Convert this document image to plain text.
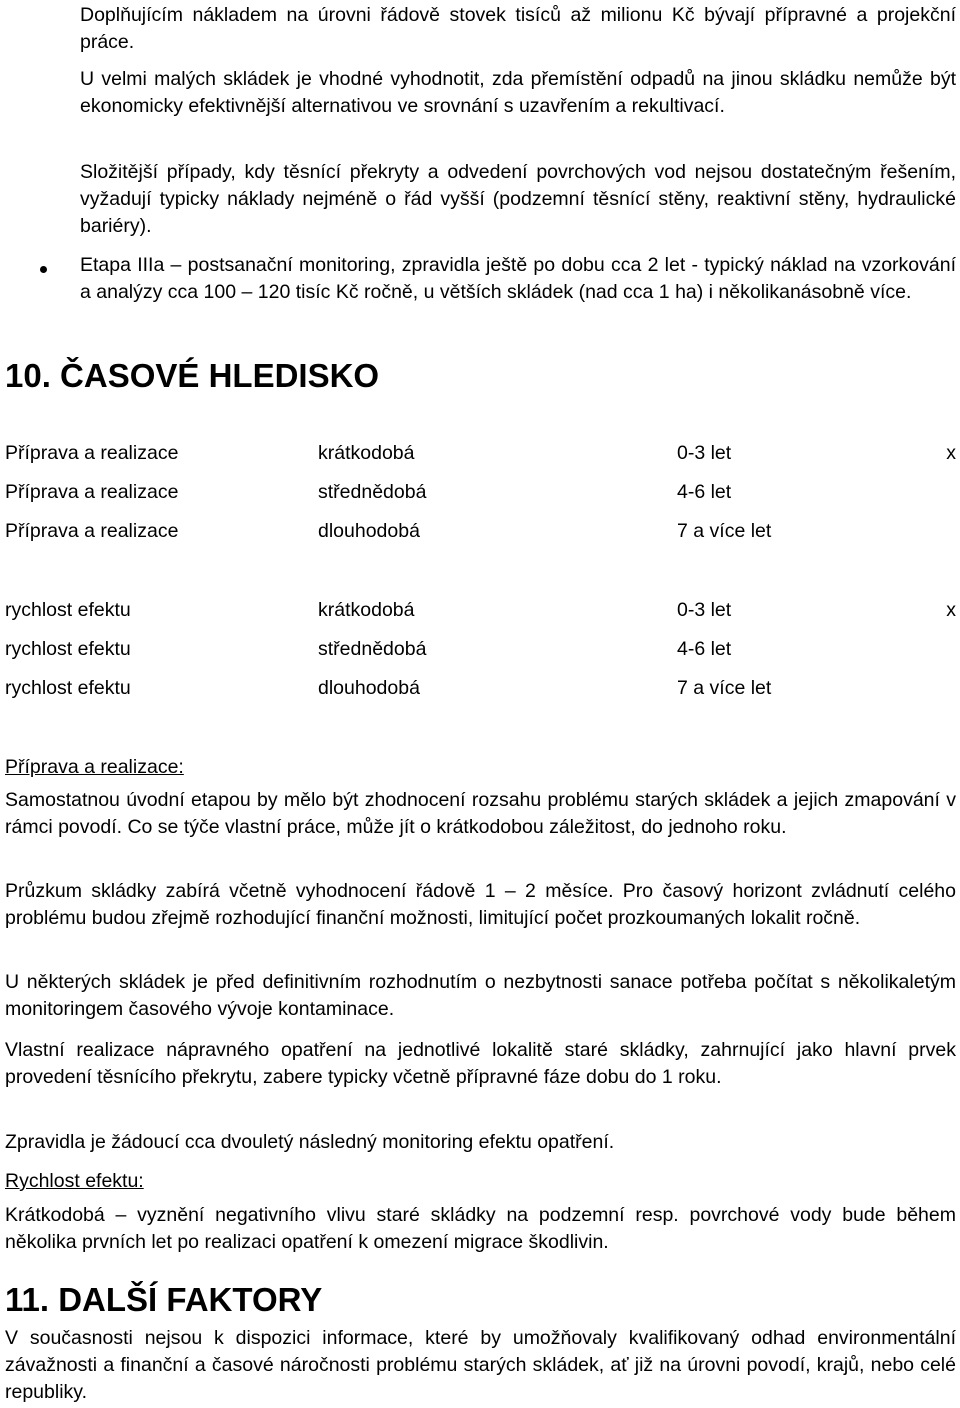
Doplňujícím nákladem na úrovni řádově stovek tisíců až milionu Kč bývají přípravné a projekční práce.

U velmi malých skládek je vhodné vyhodnotit, zda přemístění odpadů na jinou skládku nemůže být ekonomicky efektivnější alternativou ve srovnání s uzavřením a rekultivací.

Složitější případy, kdy těsnící překryty a odvedení povrchových vod nejsou dostatečným řešením, vyžadují typicky náklady nejméně o řád vyšší (podzemní těsnící stěny, reaktivní stěny, hydraulické bariéry).

Etapa IIIa – postsanační monitoring, zpravidla ještě po dobu cca 2 let - typický náklad na vzorkování a analýzy cca 100 – 120 tisíc Kč ročně, u větších skládek (nad cca 1 ha) i několikanásobně více.

10. ČASOVÉ HLEDISKO
Příprava a realizace	krátkodobá	0-3 let	x
Příprava a realizace	střednědobá	4-6 let
Příprava a realizace	dlouhodobá	7 a více let
rychlost efektu	krátkodobá	0-3 let	x
rychlost efektu	střednědobá	4-6 let
rychlost efektu	dlouhodobá	7 a více let

Příprava a realizace:

Samostatnou úvodní etapou by mělo být zhodnocení rozsahu problému starých skládek a jejich zmapování v rámci povodí. Co se týče vlastní práce, může jít o krátkodobou záležitost, do jednoho roku.

Průzkum skládky zabírá včetně vyhodnocení řádově 1 – 2 měsíce. Pro časový horizont zvládnutí celého problému budou zřejmě rozhodující finanční možnosti, limitující počet prozkoumaných lokalit ročně.

U některých skládek je před definitivním rozhodnutím o nezbytnosti sanace potřeba počítat s několikaletým monitoringem časového vývoje kontaminace.

Vlastní realizace nápravného opatření na jednotlivé lokalitě staré skládky, zahrnující jako hlavní prvek provedení těsnícího překrytu, zabere typicky včetně přípravné fáze dobu do 1 roku.

Zpravidla je žádoucí cca dvouletý následný monitoring efektu opatření.

Rychlost efektu:

Krátkodobá – vyznění negativního vlivu staré skládky na podzemní resp. povrchové vody bude během několika prvních let po realizaci opatření k omezení migrace škodlivin.

11. DALŠÍ FAKTORY

V současnosti nejsou k dispozici informace, které by umožňovaly kvalifikovaný odhad environmentální závažnosti a finanční a časové náročnosti problému starých skládek, ať již na úrovni povodí, krajů, nebo celé republiky.
